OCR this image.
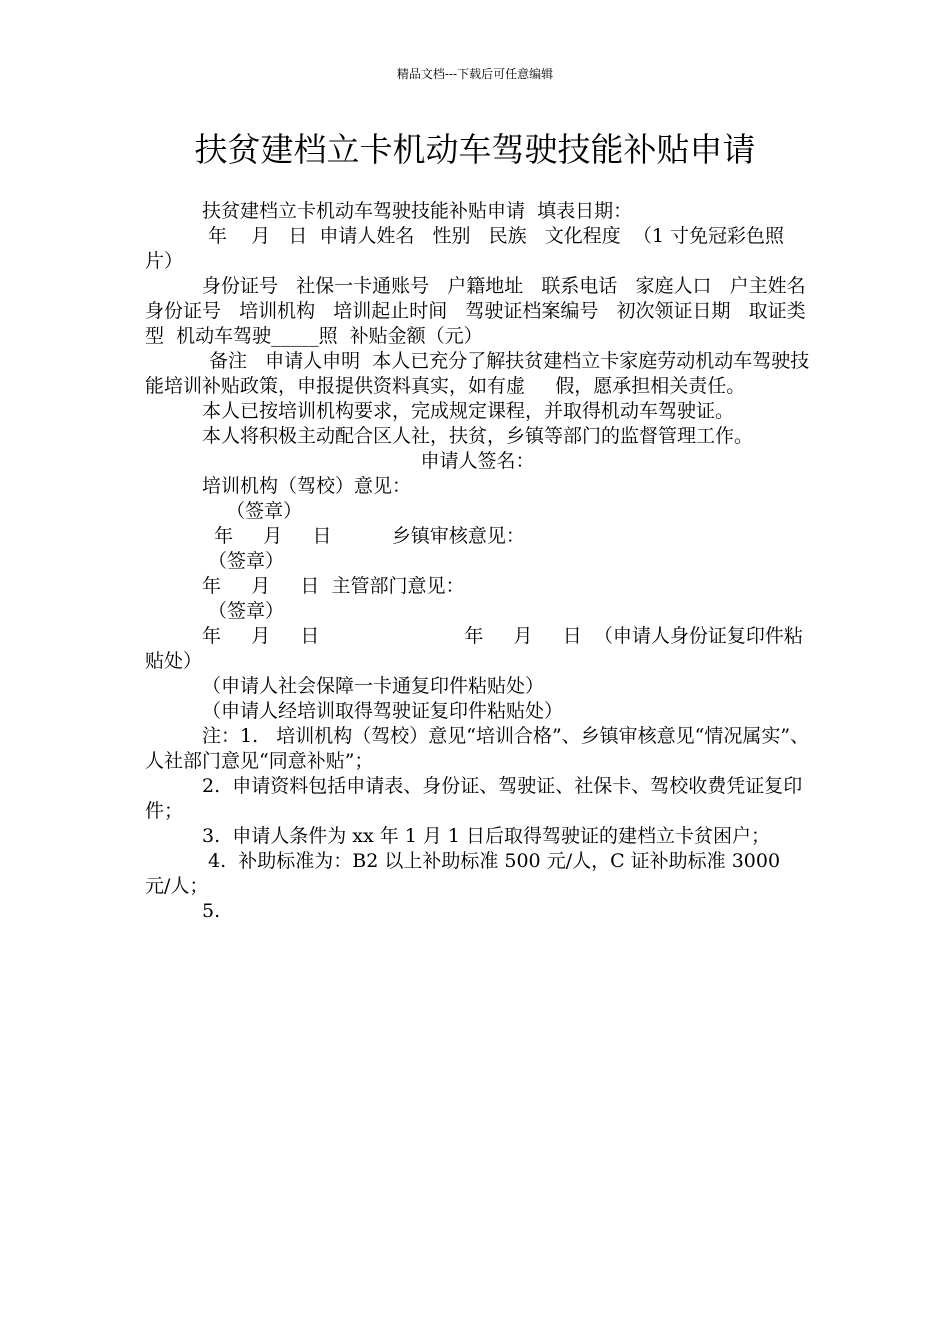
精品文档---下载后可任意编辑
扶贫建档立卡机动车驾驶技能补贴申请

扶贫建档立卡机动车驾驶技能补贴申请  填表日期：

年    月   日  申请人姓名   性别   民族   文化程度  （1 寸免冠彩色照片）

身份证号   社保一卡通账号   户籍地址   联系电话   家庭人口   户主姓名   身份证号   培训机构   培训起止时间   驾驶证档案编号   初次领证日期   取证类型  机动车驾驶_____照  补贴金额（元）

备注   申请人申明  本人已充分了解扶贫建档立卡家庭劳动机动车驾驶技能培训补贴政策，申报提供资料真实，如有虚     假，愿承担相关责任。

本人已按培训机构要求，完成规定课程，并取得机动车驾驶证。

本人将积极主动配合区人社，扶贫，乡镇等部门的监督管理工作。

申请人签名：

培训机构（驾校）意见：

（签章）

年     月     日          乡镇审核意见：

（签章）

年     月     日  主管部门意见：

（签章）

年     月     日                        年     月     日  （申请人身份证复印件粘贴处）

（申请人社会保障一卡通复印件粘贴处）

（申请人经培训取得驾驶证复印件粘贴处）

注：1.   培训机构（驾校）意见“培训合格”、乡镇审核意见“情况属实”、人社部门意见“同意补贴”；

2.  申请资料包括申请表、身份证、驾驶证、社保卡、驾校收费凭证复印件；

3.  申请人条件为 xx 年 1 月 1 日后取得驾驶证的建档立卡贫困户；

4.  补助标准为：B2 以上补助标准 500 元/人，C 证补助标准 3000 元/人；

5.
